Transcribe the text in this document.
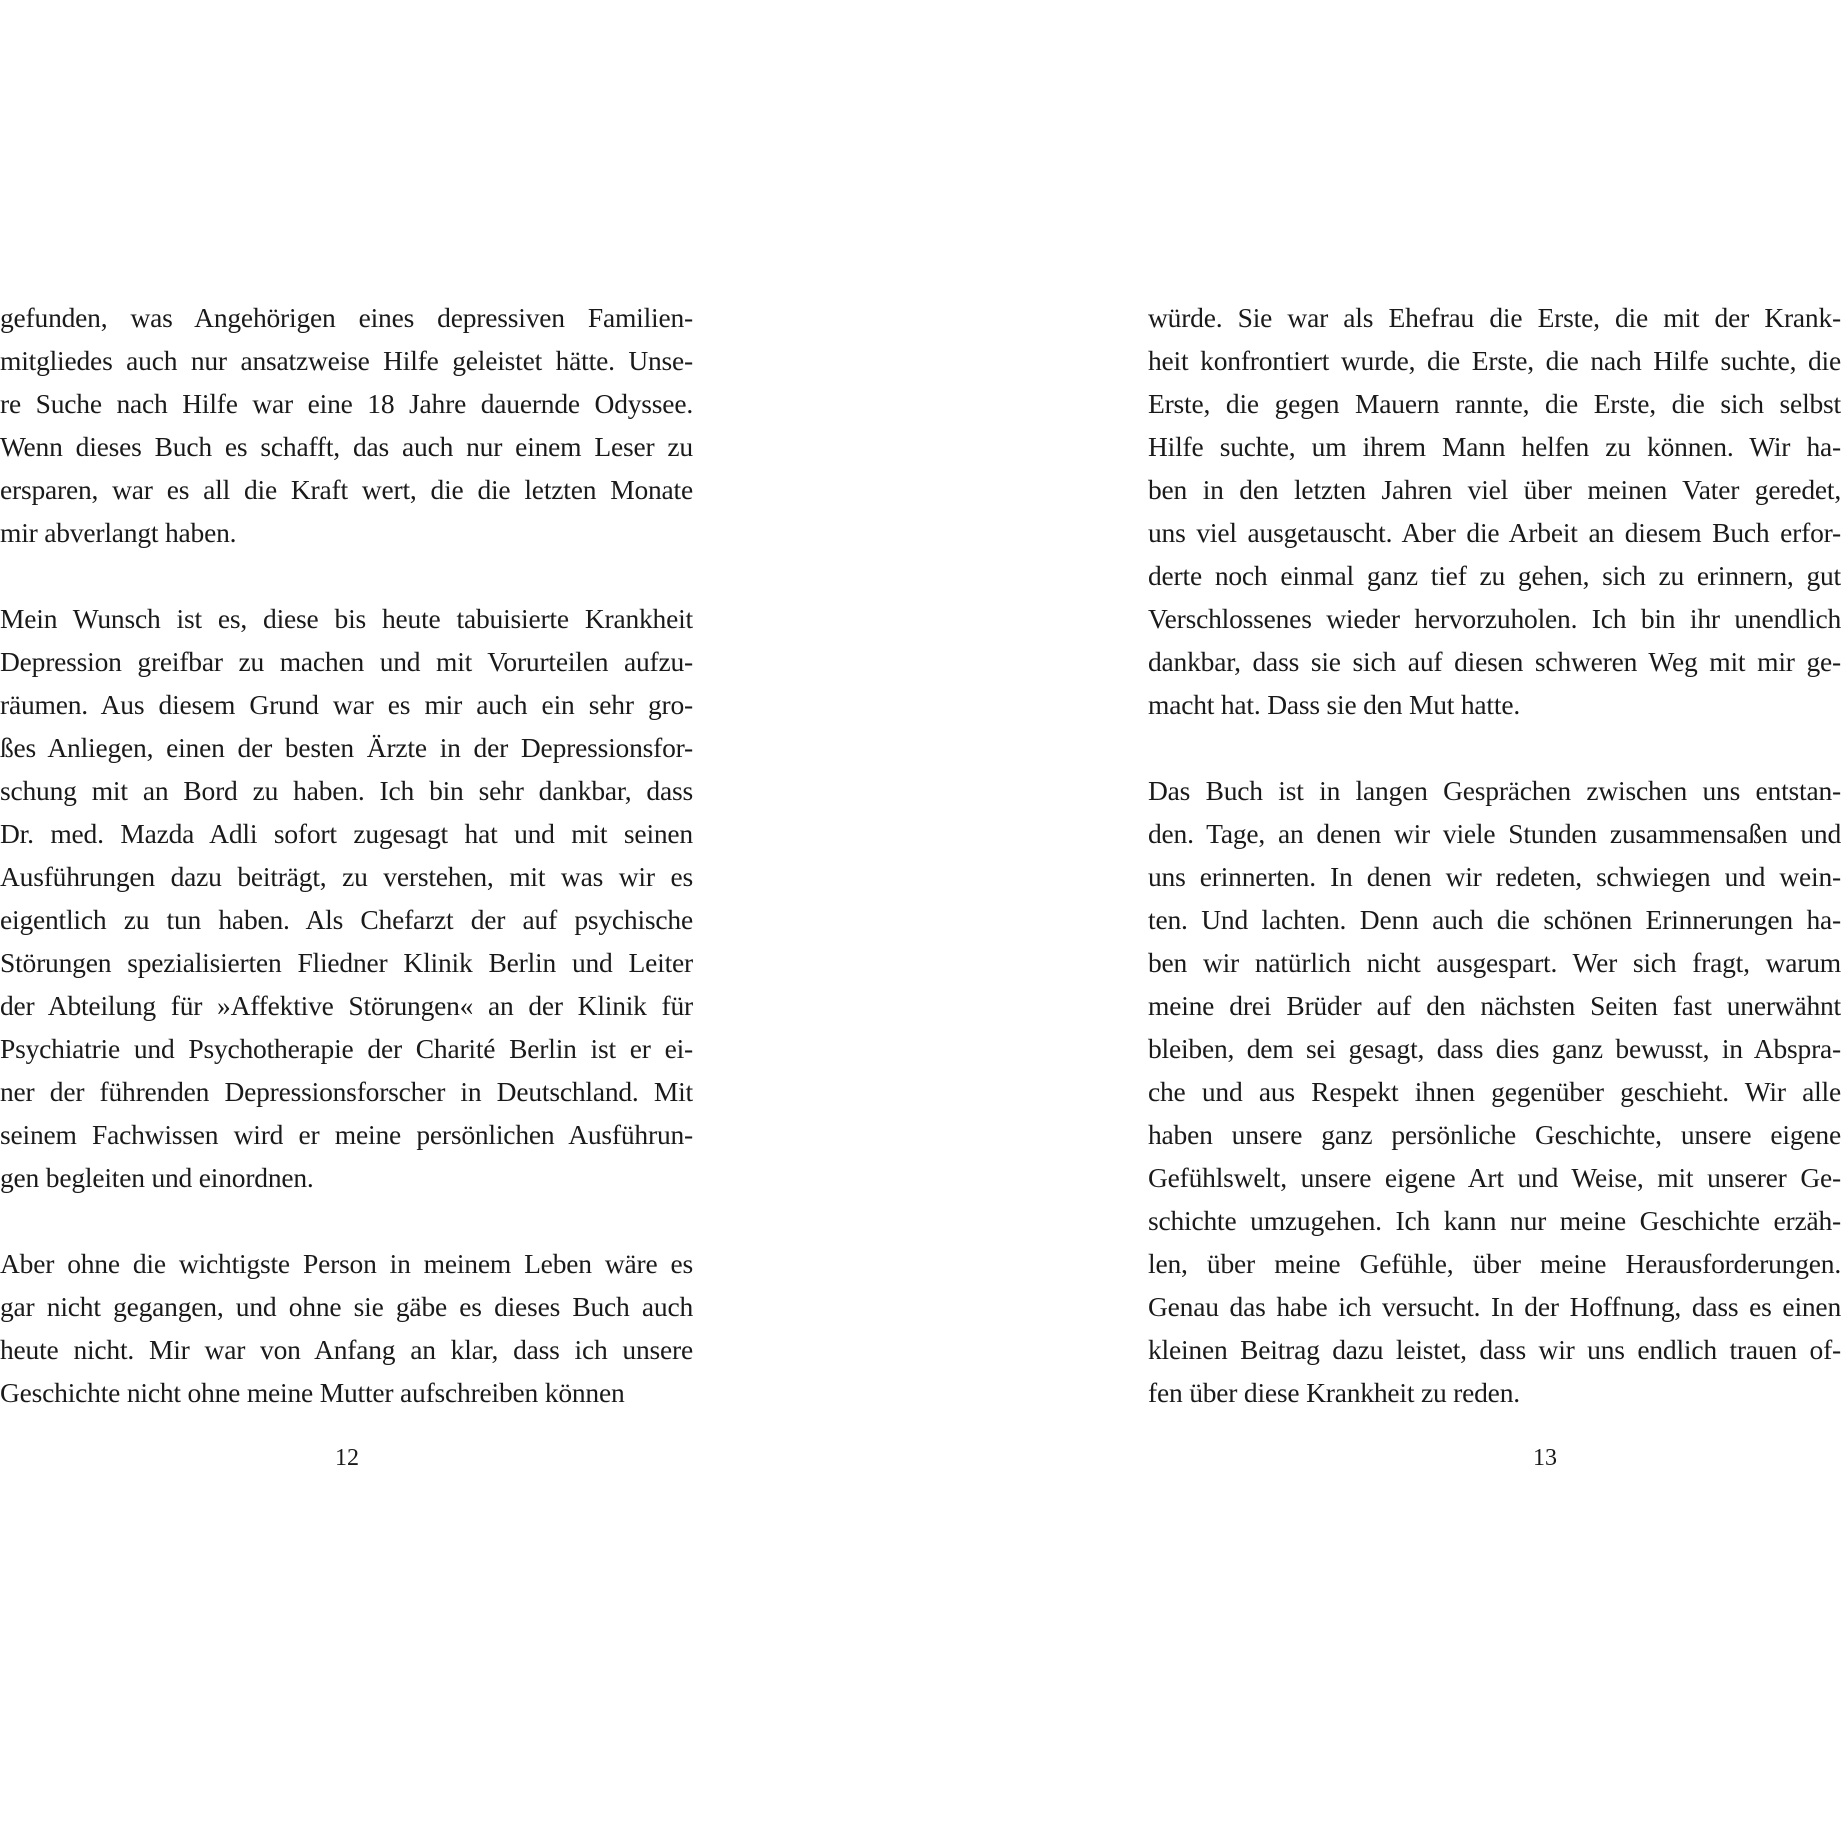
gefunden, was Angehörigen eines depressiven Familien-
mitgliedes auch nur ansatzweise Hilfe geleistet hätte. Unse-
re Suche nach Hilfe war eine 18 Jahre dauernde Odyssee.
Wenn dieses Buch es schafft, das auch nur einem Leser zu
ersparen, war es all die Kraft wert, die die letzten Monate
mir abverlangt haben.

Mein Wunsch ist es, diese bis heute tabuisierte Krankheit
Depression greifbar zu machen und mit Vorurteilen aufzu-
räumen. Aus diesem Grund war es mir auch ein sehr gro-
ßes Anliegen, einen der besten Ärzte in der Depressionsfor-
schung mit an Bord zu haben. Ich bin sehr dankbar, dass
Dr. med. Mazda Adli sofort zugesagt hat und mit seinen
Ausführungen dazu beiträgt, zu verstehen, mit was wir es
eigentlich zu tun haben. Als Chefarzt der auf psychische
Störungen spezialisierten Fliedner Klinik Berlin und Leiter
der Abteilung für »Affektive Störungen« an der Klinik für
Psychiatrie und Psychotherapie der Charité Berlin ist er ei-
ner der führenden Depressionsforscher in Deutschland. Mit
seinem Fachwissen wird er meine persönlichen Ausführun-
gen begleiten und einordnen.

Aber ohne die wichtigste Person in meinem Leben wäre es
gar nicht gegangen, und ohne sie gäbe es dieses Buch auch
heute nicht. Mir war von Anfang an klar, dass ich unsere
Geschichte nicht ohne meine Mutter aufschreiben können

12

würde. Sie war als Ehefrau die Erste, die mit der Krank-
heit konfrontiert wurde, die Erste, die nach Hilfe suchte, die
Erste, die gegen Mauern rannte, die Erste, die sich selbst
Hilfe suchte, um ihrem Mann helfen zu können. Wir ha-
ben in den letzten Jahren viel über meinen Vater geredet,
uns viel ausgetauscht. Aber die Arbeit an diesem Buch erfor-
derte noch einmal ganz tief zu gehen, sich zu erinnern, gut
Verschlossenes wieder hervorzuholen. Ich bin ihr unendlich
dankbar, dass sie sich auf diesen schweren Weg mit mir ge-
macht hat. Dass sie den Mut hatte.

Das Buch ist in langen Gesprächen zwischen uns entstan-
den. Tage, an denen wir viele Stunden zusammensaßen und
uns erinnerten. In denen wir redeten, schwiegen und wein-
ten. Und lachten. Denn auch die schönen Erinnerungen ha-
ben wir natürlich nicht ausgespart. Wer sich fragt, warum
meine drei Brüder auf den nächsten Seiten fast unerwähnt
bleiben, dem sei gesagt, dass dies ganz bewusst, in Abspra-
che und aus Respekt ihnen gegenüber geschieht. Wir alle
haben unsere ganz persönliche Geschichte, unsere eigene
Gefühlswelt, unsere eigene Art und Weise, mit unserer Ge-
schichte umzugehen. Ich kann nur meine Geschichte erzäh-
len, über meine Gefühle, über meine Herausforderungen.
Genau das habe ich versucht. In der Hoffnung, dass es einen
kleinen Beitrag dazu leistet, dass wir uns endlich trauen of-
fen über diese Krankheit zu reden.

13
